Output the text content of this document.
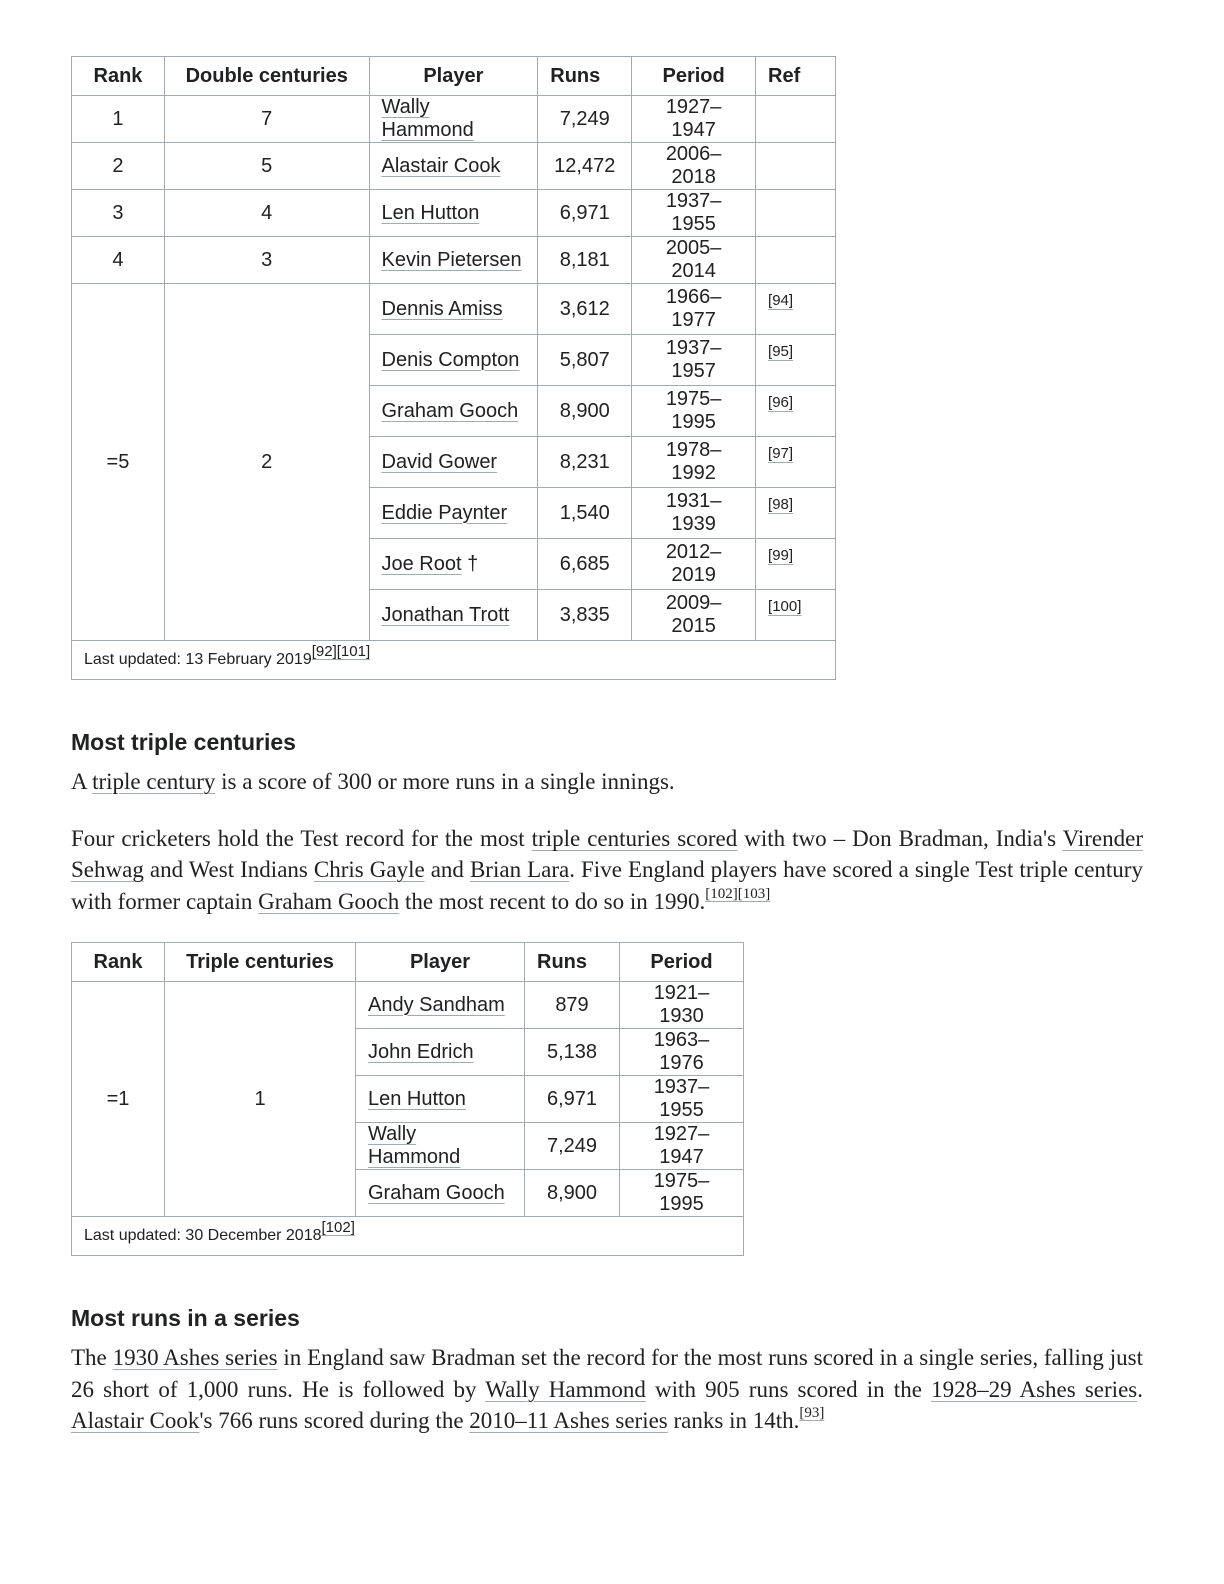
Rank	Double centuries	Player	Runs	Period	Ref
1	7	Wally Hammond	7,249	1927–1947	
2	5	Alastair Cook	12,472	2006–2018	
3	4	Len Hutton	6,971	1937–1955	
4	3	Kevin Pietersen	8,181	2005–2014	
=5	2	Dennis Amiss	3,612	1966–1977	[94]
		Denis Compton	5,807	1937–1957	[95]
		Graham Gooch	8,900	1975–1995	[96]
		David Gower	8,231	1978–1992	[97]
		Eddie Paynter	1,540	1931–1939	[98]
		Joe Root †	6,685	2012–2019	[99]
		Jonathan Trott	3,835	2009–2015	[100]
Last updated: 13 February 2019[92][101]
Most triple centuries

A triple century is a score of 300 or more runs in a single innings.

Four cricketers hold the Test record for the most triple centuries scored with two – Don Bradman, India's Virender Sehwag and West Indians Chris Gayle and Brian Lara. Five England players have scored a single Test triple century with former captain Graham Gooch the most recent to do so in 1990.[102][103]

Rank	Triple centuries	Player	Runs	Period
=1	1	Andy Sandham	879	1921–1930
		John Edrich	5,138	1963–1976
		Len Hutton	6,971	1937–1955
		Wally Hammond	7,249	1927–1947
		Graham Gooch	8,900	1975–1995
Last updated: 30 December 2018[102]
Most runs in a series

The 1930 Ashes series in England saw Bradman set the record for the most runs scored in a single series, falling just 26 short of 1,000 runs. He is followed by Wally Hammond with 905 runs scored in the 1928–29 Ashes series. Alastair Cook's 766 runs scored during the 2010–11 Ashes series ranks in 14th.[93]
